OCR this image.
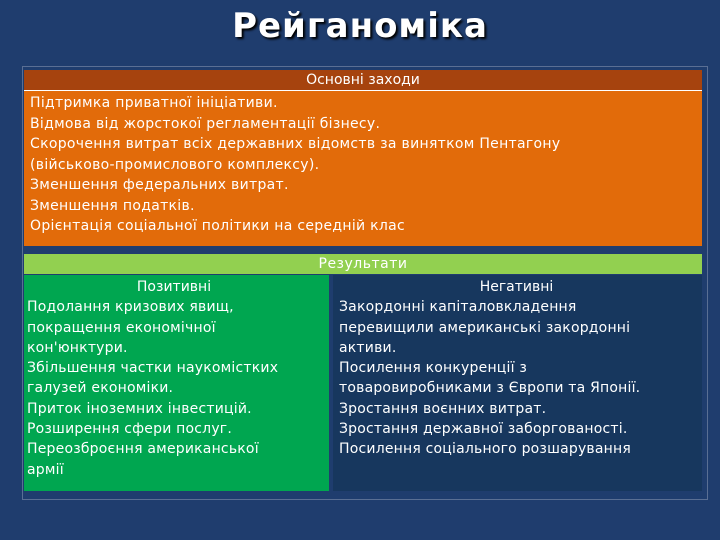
Рейганоміка
Основні заходи
Підтримка приватної ініціативи.
Відмова від жорстокої регламентації бізнесу.
Скорочення витрат всіх державних відомств за винятком Пентагону
(військово-промислового комплексу).
Зменшення федеральних витрат.
Зменшення податків.
Орієнтація соціальної політики на середній клас
Результати
Позитивні
Подолання кризових явищ,
покращення економічної
кон'юнктури.
Збільшення частки наукомістких
галузей економіки.
Приток іноземних інвестицій.
Розширення сфери послуг.
Переозброєння американської
армії
Негативні
Закордонні капіталовкладення
перевищили американські закордонні
активи.
Посилення конкуренції з
товаровиробниками з Європи та Японії.
Зростання воєнних витрат.
Зростання державної заборгованості.
Посилення соціального розшарування
